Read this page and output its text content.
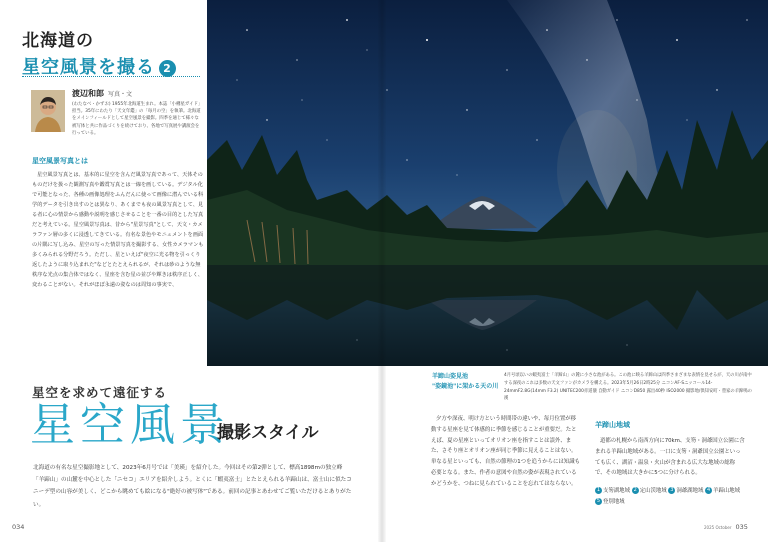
北海道の
星空風景を撮る 2
渡辺和郎 写真・文
(わたなべ・かずお) 1955年北海道生まれ。本誌「小樽星ガイド」担当。35年にわたり「天文年鑑」の「毎月の空」を執筆。北海道をメインフィールドとして星空風景を撮影。四季を通じて様々な被写体と共に作品づくりを続けており、各地で写真展や講演会を行っている。
星空風景写真とは
星空風景写真とは、基本的に星空を含んだ風景写真であって、天体そのものだけを扱った観測写真や鑑賞写真とは一線を画している。デジタル化で可能となった、各種の画像処理をふんだんに使って画像に潜んでいる科学的データを引き出すのとは異なり、あくまでも夜の風景写真として、見る者に心の情景から感動や説明を感じさせることを一番の目的とした写真だと考えている。星空風景写真は、昔から"星景写真"として、天文・カメラファン層の多くに浸透してきている。有名な景色やモニュメントを画面の片隅に写し込み、星空の写った情景写真を撮影する、女性カメラマンも多くみられる分野だろう。ただし、星といえば"夜空に光る物を引っくり返したように取り込まれた"などとたとえられるが、それは砂のような無秩序な光点の集合体ではなく、星座を含む星の並びや輝きは秩序正しく、変わることがない。それがほぼ永遠の姿なのは周知の事実で、
星空を求めて遠征する
星空風景
撮影スタイル
北海道の有名な星空撮影地として、2023年6月号では「美瑛」を紹介した。今回はその第2弾として、標高1898mの独立峰「羊蹄山」の山麓を中心とした「ニセコ」エリアを紹介しよう。とくに「蝦夷富士」とたとえられる羊蹄山は、富士山に似たコニーデ型の山容が美しく、どこから眺めても絵になる"絶好の被写体"である。前回の記事とあわせてご覧いただけるとありがたい。
羊蹄山姿見池
"姿鏡池"に架かる天の川
4月号頃以いの蝦夷富士「羊蹄山」の麓に小さな池がある。この池に映る羊蹄山は四季さまざまな表情を見せるが、天の川が南中する深夜のこれは多数の天文ファンがカメラを構える。2023年5月26日2時25分 ニコンAF-Sニッコール14-24mmF2.8G(14mm F3.2) UNITEC200赤道儀 自動ガイド ニコンD850 露出40秒 ISO2000 撮影地/倶知安町・豊家の羊蹄鳴の漢
夕方や深夜、明け方という時間帯の違いや、毎月位置が移動する星座を見て体感的に季節を感じることが重要だ。たとえば、夏の星座といってオリオン座を指すことは誤外、また、さそり座とオリオン座が同じ季節に見えることはない。単なる星といっても、自然の節理の1つを追うからには知識も必要となる。また、作者の意図や自然の姿が表現されているかどうかを、つねに見られていることを忘れてはならない。
羊蹄山地域
道都の札幌から南西方向に70km、支笏・洞爺国立公園に含まれる羊蹄山地域がある。一口に支笏・洞爺国立公園といっても広く、湖沼・温泉・火山が含まれる広大な地域の総称で、その地域は大きかに5つに分けられる。
1 支笏湖地域 2 定山渓地域 3 洞爺湖地域 4 羊蹄山地域 5 登別地域
034	2025 October 035
